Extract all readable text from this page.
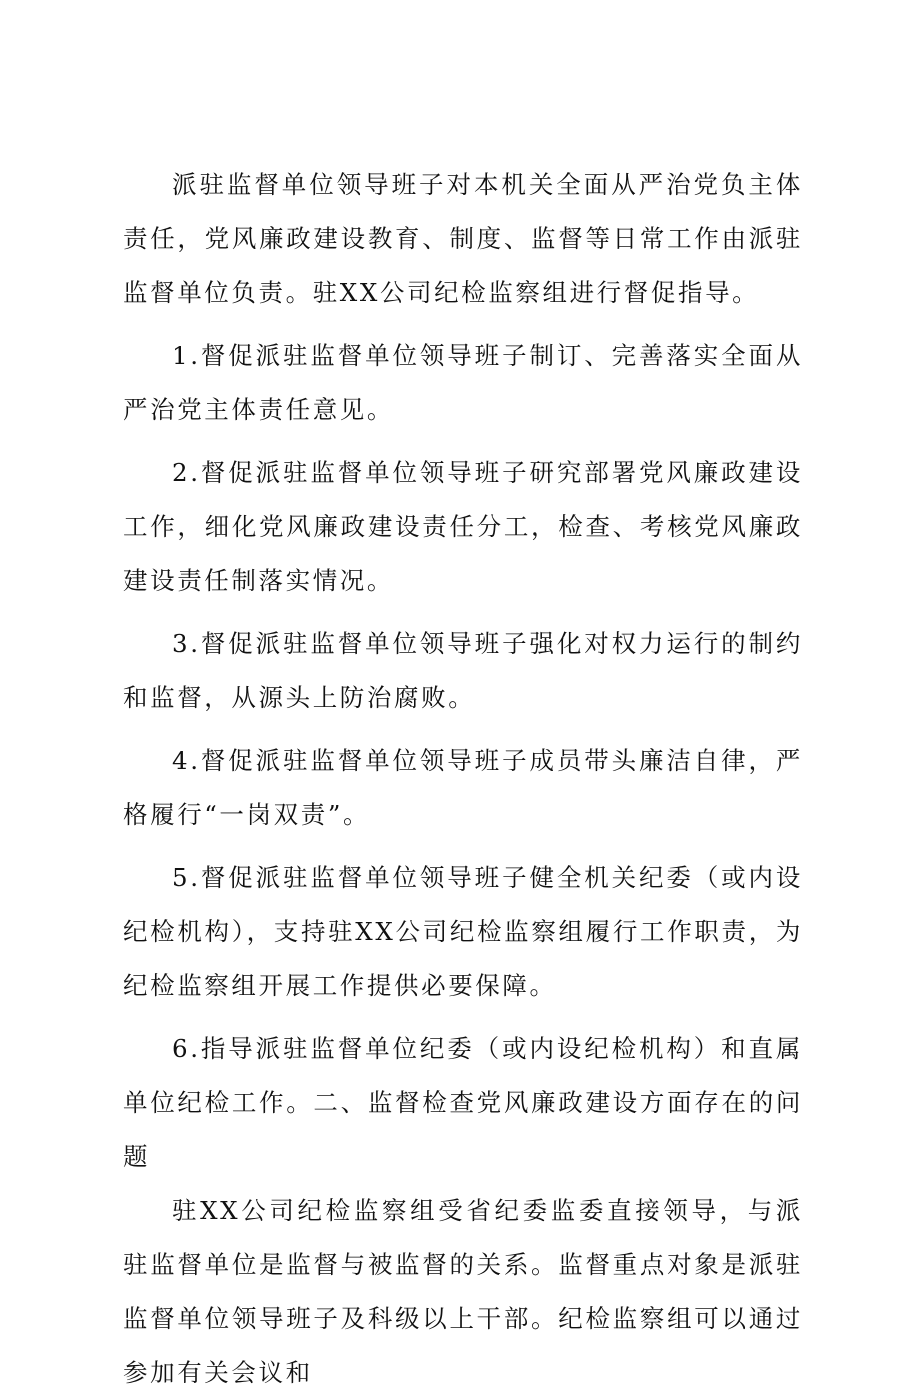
派驻监督单位领导班子对本机关全面从严治党负主体责任，党风廉政建设教育、制度、监督等日常工作由派驻监督单位负责。驻XX公司纪检监察组进行督促指导。

1.督促派驻监督单位领导班子制订、完善落实全面从严治党主体责任意见。

2.督促派驻监督单位领导班子研究部署党风廉政建设工作，细化党风廉政建设责任分工，检查、考核党风廉政建设责任制落实情况。

3.督促派驻监督单位领导班子强化对权力运行的制约和监督，从源头上防治腐败。

4.督促派驻监督单位领导班子成员带头廉洁自律，严格履行“一岗双责”。

5.督促派驻监督单位领导班子健全机关纪委（或内设纪检机构），支持驻XX公司纪检监察组履行工作职责，为纪检监察组开展工作提供必要保障。

6.指导派驻监督单位纪委（或内设纪检机构）和直属单位纪检工作。二、监督检查党风廉政建设方面存在的问题

驻XX公司纪检监察组受省纪委监委直接领导，与派驻监督单位是监督与被监督的关系。监督重点对象是派驻监督单位领导班子及科级以上干部。纪检监察组可以通过参加有关会议和
